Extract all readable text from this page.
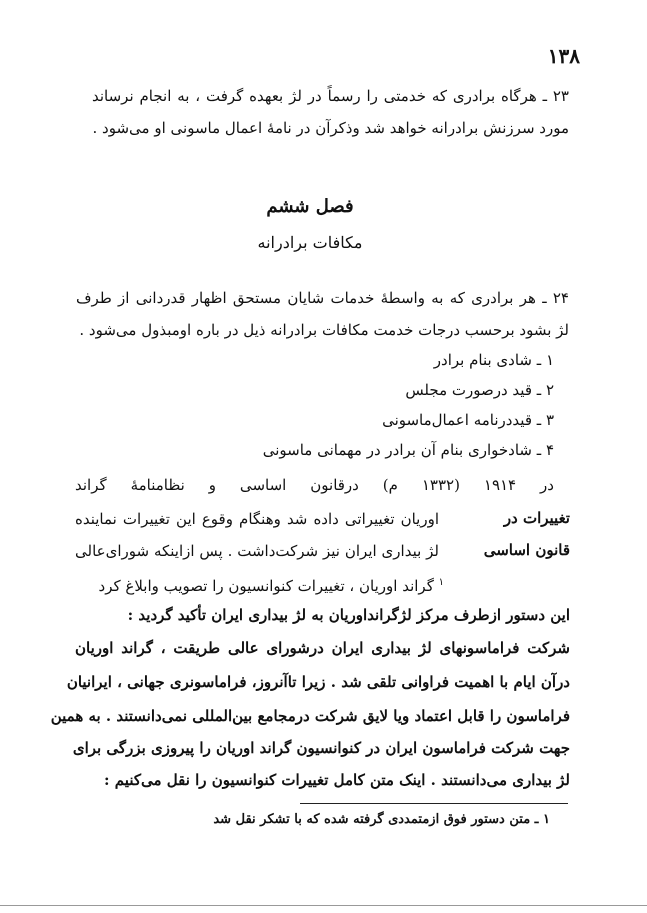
۱۳۸
۲۳ ـ هرگاه برادری که خدمتی را رسماً در لژ بعهده گرفت ، به انجام نرساند
مورد سرزنش برادرانه خواهد شد وذکرآن در نامهٔ اعمال ماسونی او می‌شود .
فصل ششم
مکافات برادرانه
۲۴ ـ هر برادری که به واسطهٔ خدمات شایان مستحق اظهار قدردانی از طرف
لژ بشود برحسب درجات خدمت مکافات برادرانه ذیل در باره اومبذول می‌شود .
۱ ـ شادی بنام برادر
۲ ـ قید درصورت مجلس
۳ ـ قیددرنامه اعمال‌ماسونی
۴ ـ شادخواری بنام آن برادر در مهمانی ماسونی
در ۱۹۱۴ (۱۳۳۲ م) درقانون اساسی و نظامنامهٔ گراند
تغییرات در
اوریان تغییراتی داده شد وهنگام وقوع این تغییرات نماینده
قانون اساسی
لژ بیداری ایران نیز شرکت‌داشت . پس ازاینکه شورای‌عالی
$^۱$ گراند اوریان ، تغییرات کنوانسیون را تصویب وابلاغ کرد
این دستور ازطرف مرکز لژگرانداوریان به لژ بیداری ایران تأکید گردید :
شرکت فراماسونهای لژ بیداری ایران درشورای عالی طریقت ، گراند اوریان
درآن ایام با اهمیت فراوانی تلقی شد . زیرا تاآنروز، فراماسونری جهانی ، ایرانیان
فراماسون را قابل اعتماد ویا لایق شرکت درمجامع بین‌المللی نمی‌دانستند . به همین
جهت شرکت فراماسون ایران در کنوانسیون گراند اوریان را پیروزی بزرگی برای
لژ بیداری می‌دانستند . اینک متن کامل تغییرات کنوانسیون را نقل می‌کنیم :
۱ ـ متن دستور فوق ازمتمددی گرفته شده که با تشکر نقل شد
